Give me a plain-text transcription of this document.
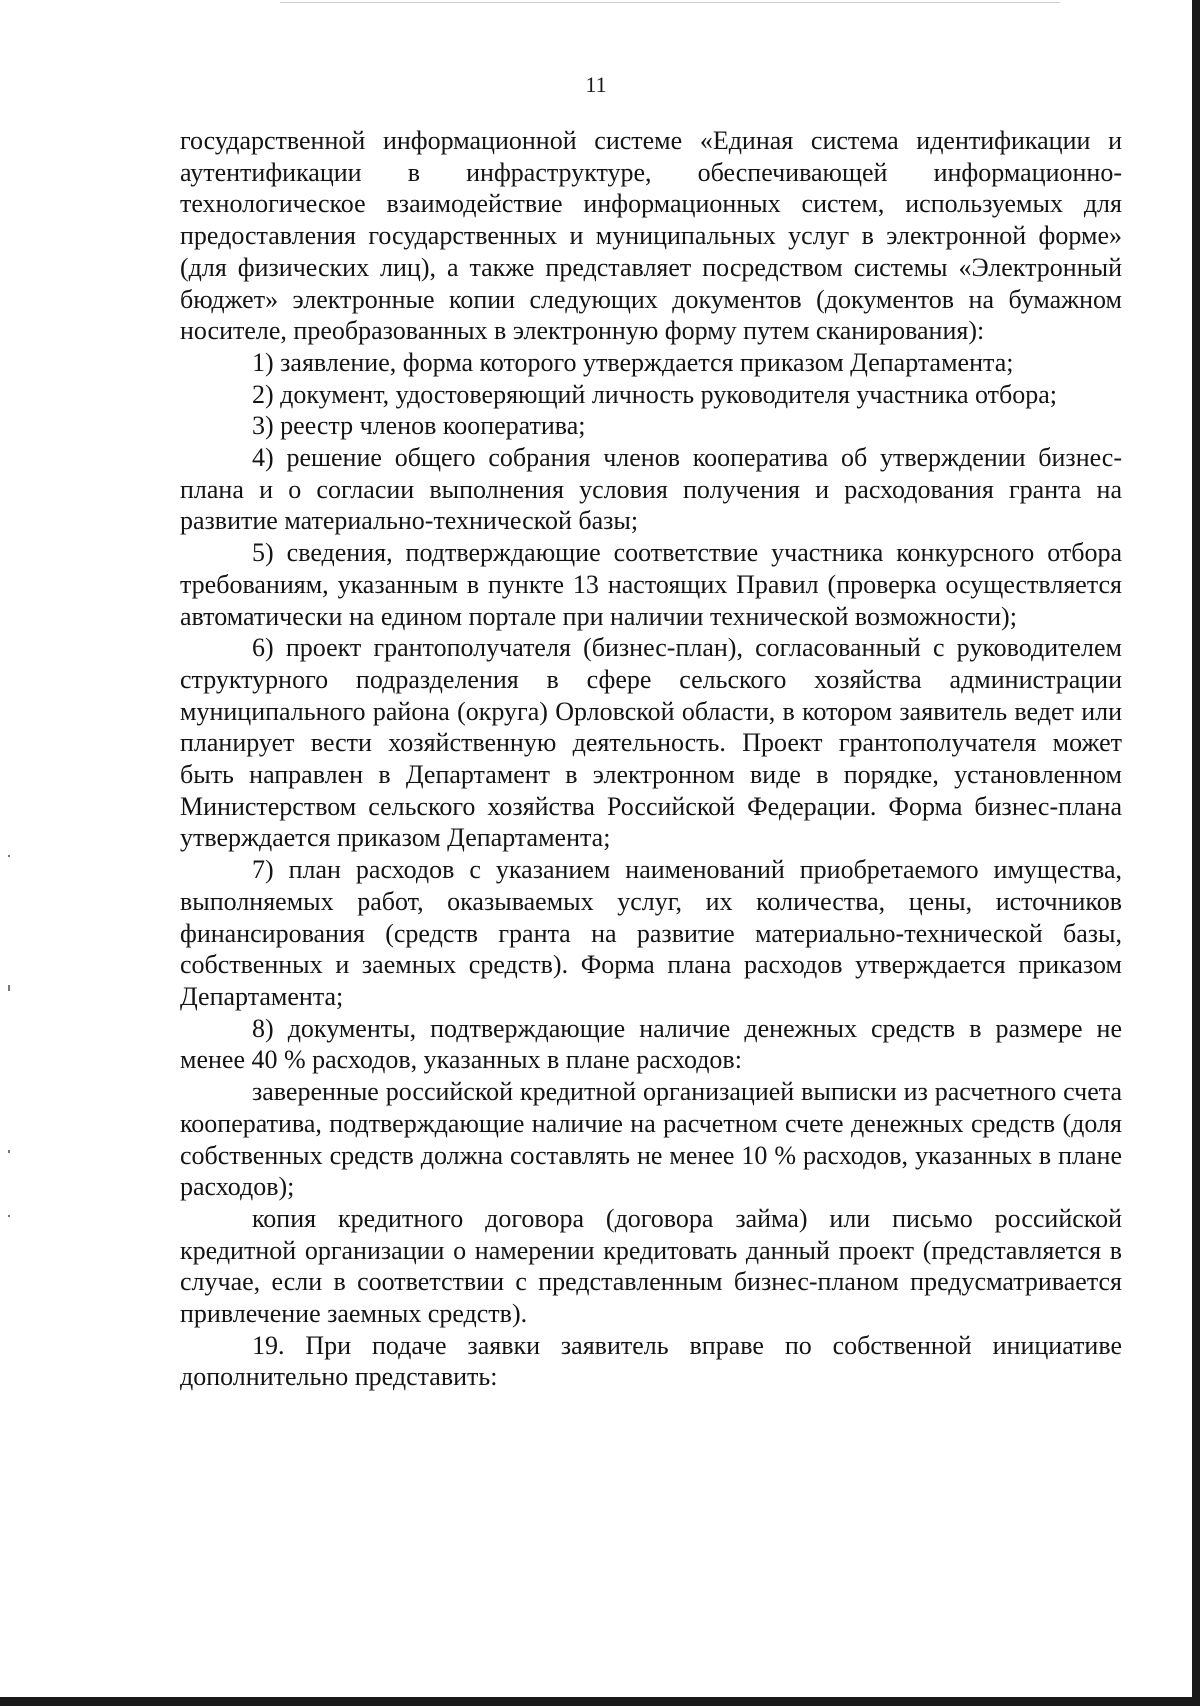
11

государственной информационной системе «Единая система идентификации и аутентификации в инфраструктуре, обеспечивающей информационно-технологическое взаимодействие информационных систем, используемых для предоставления государственных и муниципальных услуг в электронной форме» (для физических лиц), а также представляет посредством системы «Электронный бюджет» электронные копии следующих документов (документов на бумажном носителе, преобразованных в электронную форму путем сканирования):

1) заявление, форма которого утверждается приказом Департамента;

2) документ, удостоверяющий личность руководителя участника отбора;

3) реестр членов кооператива;

4) решение общего собрания членов кооператива об утверждении бизнес-плана и о согласии выполнения условия получения и расходования гранта на развитие материально-технической базы;

5) сведения, подтверждающие соответствие участника конкурсного отбора требованиям, указанным в пункте 13 настоящих Правил (проверка осуществляется автоматически на едином портале при наличии технической возможности);

6) проект грантополучателя (бизнес-план), согласованный с руководителем структурного подразделения в сфере сельского хозяйства администрации муниципального района (округа) Орловской области, в котором заявитель ведет или планирует вести хозяйственную деятельность. Проект грантополучателя может быть направлен в Департамент в электронном виде в порядке, установленном Министерством сельского хозяйства Российской Федерации. Форма бизнес-плана утверждается приказом Департамента;

7) план расходов с указанием наименований приобретаемого имущества, выполняемых работ, оказываемых услуг, их количества, цены, источников финансирования (средств гранта на развитие материально-технической базы, собственных и заемных средств). Форма плана расходов утверждается приказом Департамента;

8) документы, подтверждающие наличие денежных средств в размере не менее 40 % расходов, указанных в плане расходов:

заверенные российской кредитной организацией выписки из расчетного счета кооператива, подтверждающие наличие на расчетном счете денежных средств (доля собственных средств должна составлять не менее 10 % расходов, указанных в плане расходов);

копия кредитного договора (договора займа) или письмо российской кредитной организации о намерении кредитовать данный проект (представляется в случае, если в соответствии с представленным бизнес-планом предусматривается привлечение заемных средств).

19. При подаче заявки заявитель вправе по собственной инициативе дополнительно представить:
